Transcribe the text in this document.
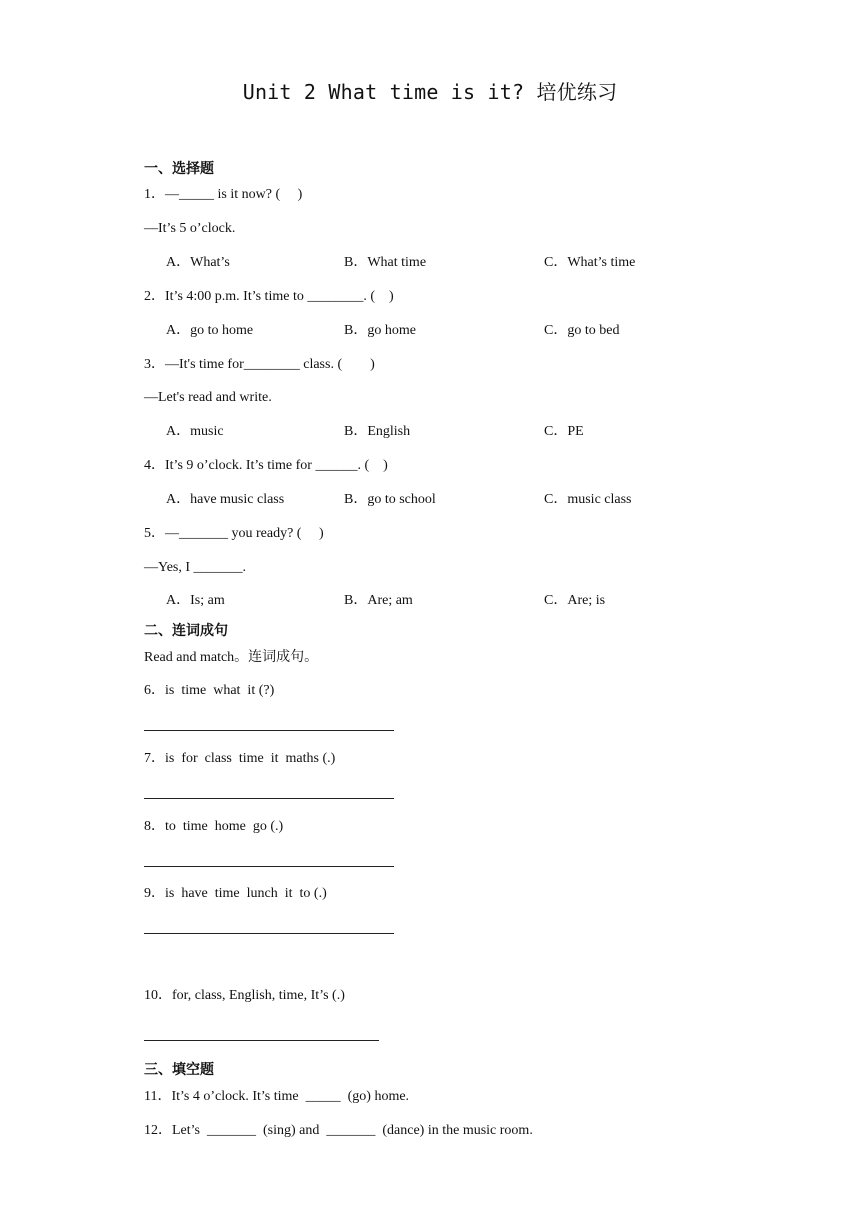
Unit 2 What time is it? 培优练习
一、选择题
1．—_____ is it now? (     )
—It’s 5 o’clock.
A．What’s	B．What time	C．What’s time
2．It’s 4:00 p.m. It’s time to ________. (    )
A．go to home	B．go home	C．go to bed
3．—It's time for________ class. (        )
—Let's read and write.
A．music	B．English	C．PE
4．It’s 9 o’clock. It’s time for ______. (    )
A．have music class	B．go to school	C．music class
5．—_______ you ready? (     )
—Yes, I _______.
A．Is; am	B．Are; am	C．Are; is
二、连词成句
Read and match。连词成句。
6．is  time  what  it (?)
7．is  for  class  time  it  maths (.)
8．to  time  home  go (.)
9．is  have  time  lunch  it  to (.)
10．for, class, English, time, It’s (.)
三、填空题
11．It’s 4 o’clock. It’s time  _____  (go) home.
12．Let’s  _______  (sing) and  _______  (dance) in the music room.
